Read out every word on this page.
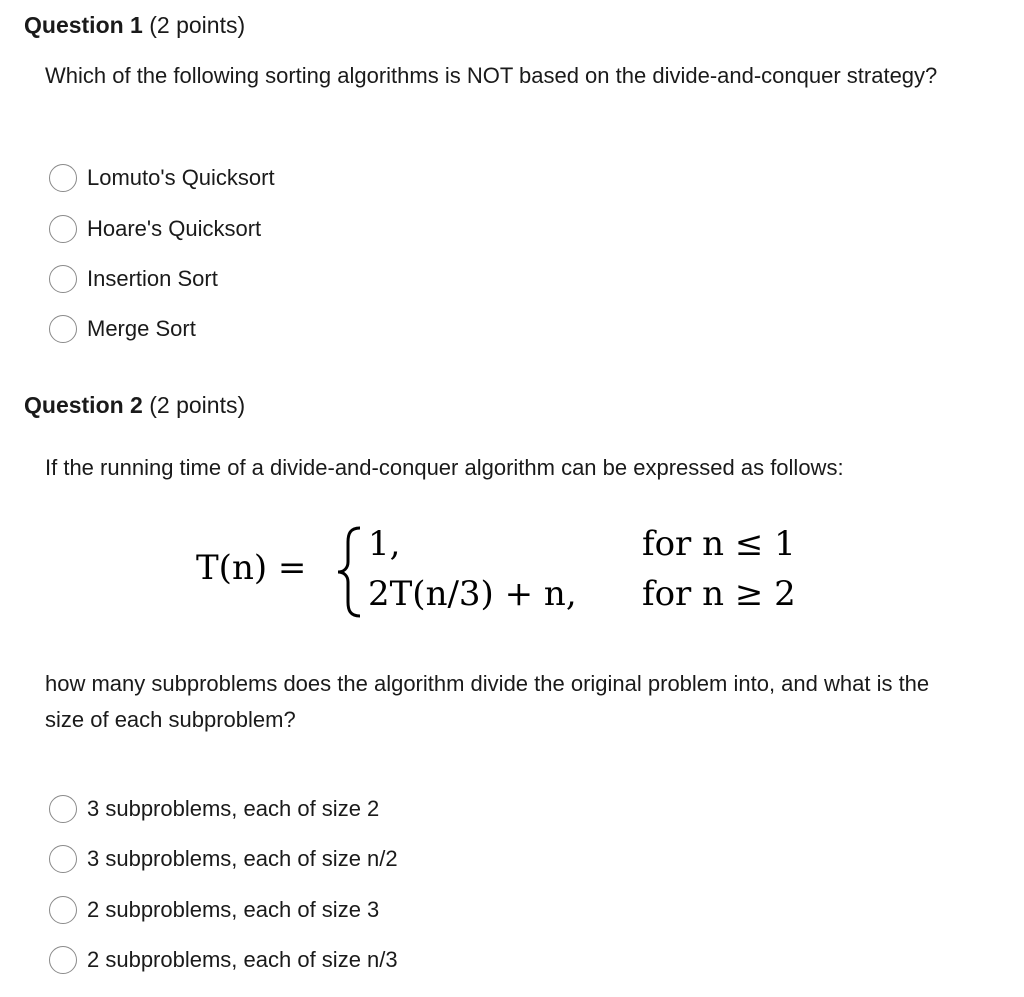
Question 1 (2 points)
Which of the following sorting algorithms is NOT based on the divide-and-conquer strategy?
Lomuto's Quicksort
Hoare's Quicksort
Insertion Sort
Merge Sort
Question 2 (2 points)
If the running time of a divide-and-conquer algorithm can be expressed as follows:
T(n) =
1,	for n ≤ 1
2T(n/3) + n, for n ≥ 2
how many subproblems does the algorithm divide the original problem into, and what is the size of each subproblem?
3 subproblems, each of size 2
3 subproblems, each of size n/2
2 subproblems, each of size 3
2 subproblems, each of size n/3
